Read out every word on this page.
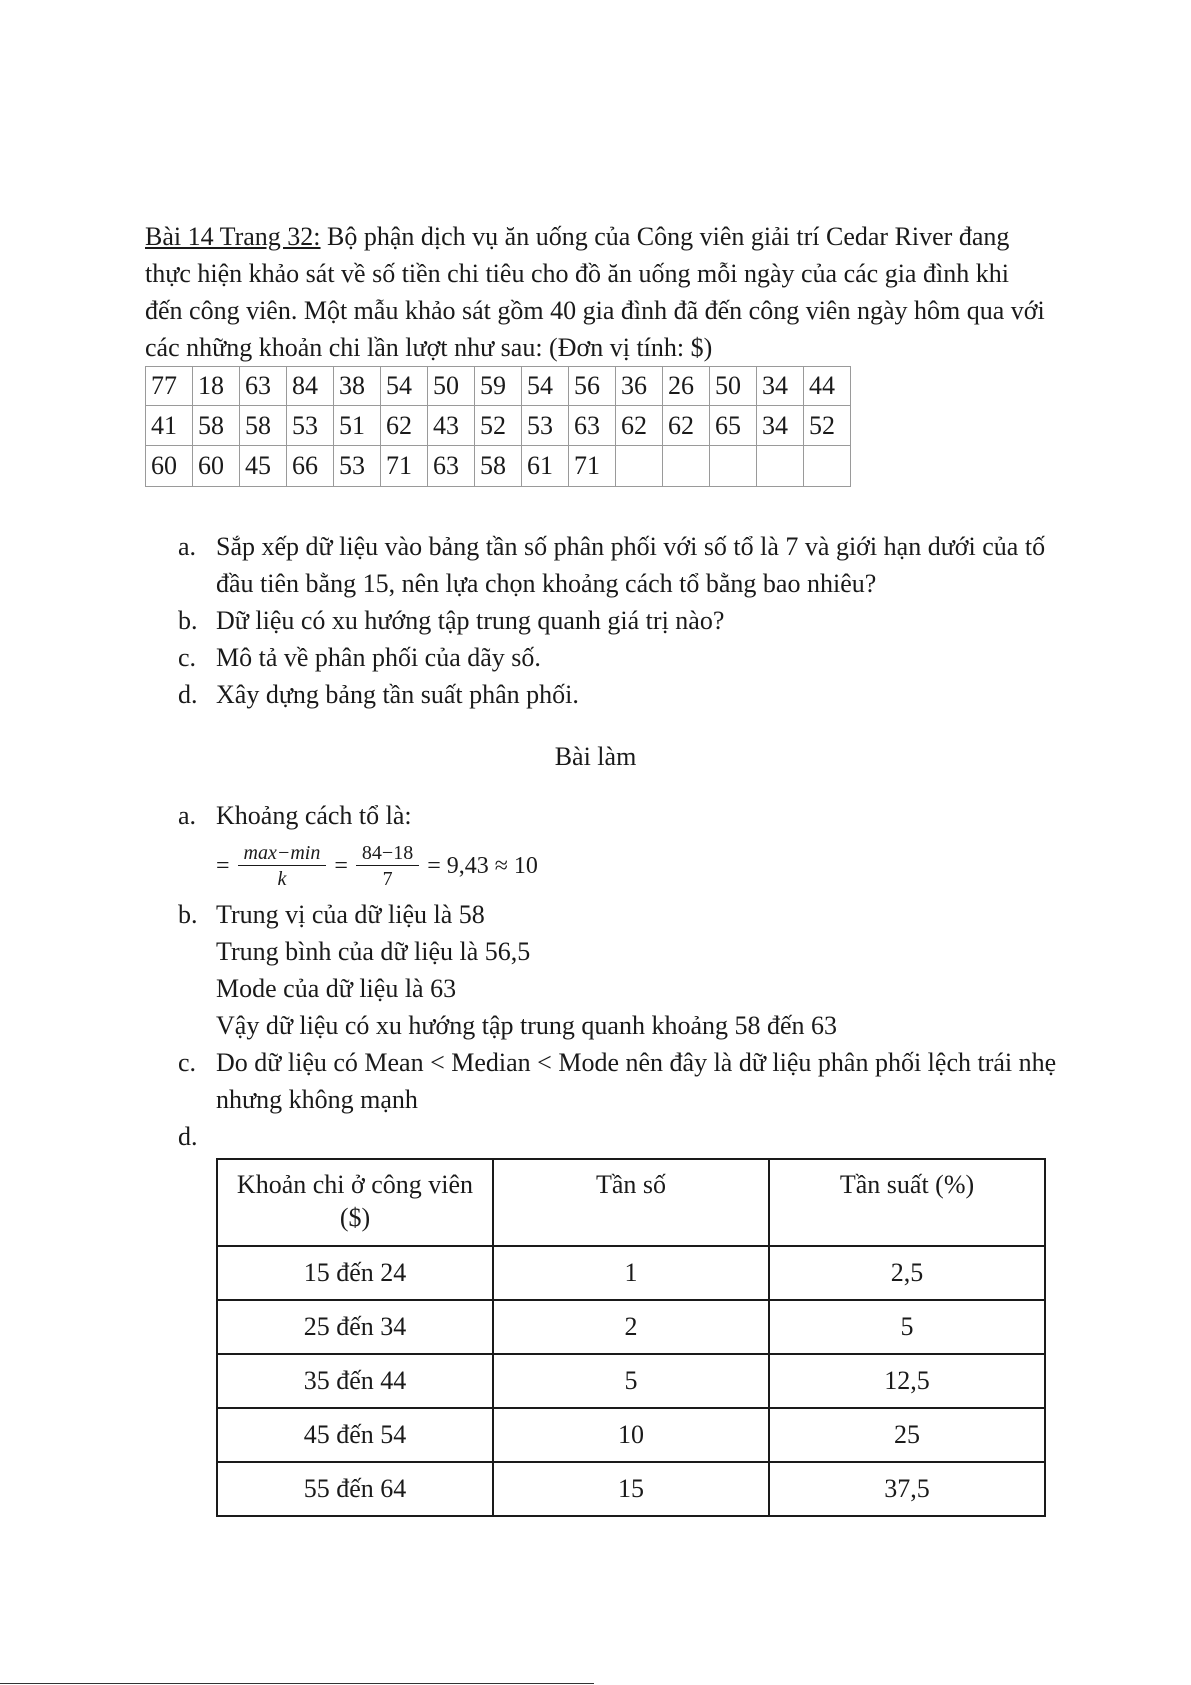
Bài 14 Trang 32: Bộ phận dịch vụ ăn uống của Công viên giải trí Cedar River đang thực hiện khảo sát về số tiền chi tiêu cho đồ ăn uống mỗi ngày của các gia đình khi đến công viên. Một mẫu khảo sát gồm 40 gia đình đã đến công viên ngày hôm qua với các những khoản chi lần lượt như sau: (Đơn vị tính: $)

77	18	63	84	38	54	50	59	54	56	36	26	50	34	44
41	58	58	53	51	62	43	52	53	63	62	62	65	34	52
60	60	45	66	53	71	63	58	61	71					
a. Sắp xếp dữ liệu vào bảng tần số phân phối với số tổ là 7 và giới hạn dưới của tố đầu tiên bằng 15, nên lựa chọn khoảng cách tổ bằng bao nhiêu?
b. Dữ liệu có xu hướng tập trung quanh giá trị nào?
c. Mô tả về phân phối của dãy số.
d. Xây dựng bảng tần suất phân phối.
Bài làm
a. Khoảng cách tổ là:
= $\frac{\max-\min}{k} = \frac{84-18}{7} = 9,43 \approx 10$
b. Trung vị của dữ liệu là 58
Trung bình của dữ liệu là 56,5
Mode của dữ liệu là 63
Vậy dữ liệu có xu hướng tập trung quanh khoảng 58 đến 63
c. Do dữ liệu có Mean < Median < Mode nên đây là dữ liệu phân phối lệch trái nhẹ nhưng không mạnh
d.
Khoản chi ở công viên ($)	Tần số	Tần suất (%)
15 đến 24	1	2,5
25 đến 34	2	5
35 đến 44	5	12,5
45 đến 54	10	25
55 đến 64	15	37,5
